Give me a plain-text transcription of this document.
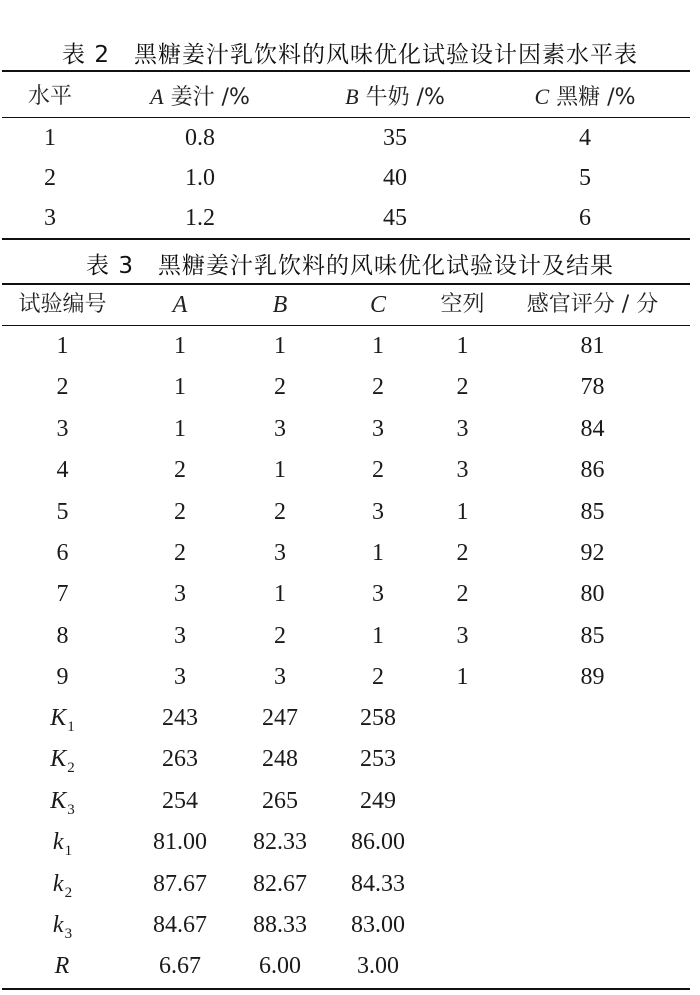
表 2　黑糖姜汁乳饮料的风味优化试验设计因素水平表
水平	A 姜汁 /%	B 牛奶 /%	C 黑糖 /%
1	0.8	35	4
2	1.0	40	5
3	1.2	45	6
表 3　黑糖姜汁乳饮料的风味优化试验设计及结果
试验编号	A	B	C	空列	感官评分 / 分
1	1	1	1	1	81
2	1	2	2	2	78
3	1	3	3	3	84
4	2	1	2	3	86
5	2	2	3	1	85
6	2	3	1	2	92
7	3	1	3	2	80
8	3	2	1	3	85
9	3	3	2	1	89
$K_1$	243	247	258
$K_2$	263	248	253
$K_3$	254	265	249
$k_1$	81.00	82.33	86.00
$k_2$	87.67	82.67	84.33
$k_3$	84.67	88.33	83.00
R	6.67	6.00	3.00
